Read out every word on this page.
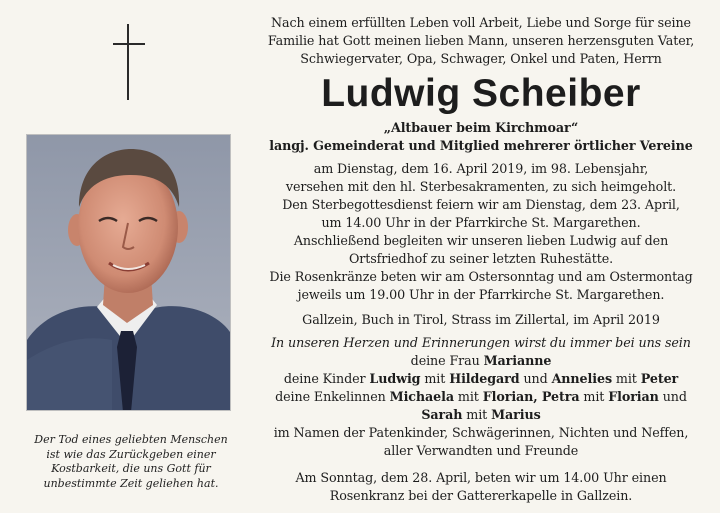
Der Tod eines geliebten Menschen
ist wie das Zurückgeben einer
Kostbarkeit, die uns Gott für
unbestimmte Zeit geliehen hat.
Nach einem erfüllten Leben voll Arbeit, Liebe und Sorge für seine
Familie hat Gott meinen lieben Mann, unseren herzensguten Vater,
Schwiegervater, Opa, Schwager, Onkel und Paten, Herrn
Ludwig Scheiber
„Altbauer beim Kirchmoar“
langj. Gemeinderat und Mitglied mehrerer örtlicher Vereine
am Dienstag, dem 16. April 2019, im 98. Lebensjahr,
versehen mit den hl. Sterbesakramenten, zu sich heimgeholt.
Den Sterbegottesdienst feiern wir am Dienstag, dem 23. April,
um 14.00 Uhr in der Pfarrkirche St. Margarethen.
Anschließend begleiten wir unseren lieben Ludwig auf den
Ortsfriedhof zu seiner letzten Ruhestätte.
Die Rosenkränze beten wir am Ostersonntag und am Ostermontag
jeweils um 19.00 Uhr in der Pfarrkirche St. Margarethen.
Gallzein, Buch in Tirol, Strass im Zillertal, im April 2019
In unseren Herzen und Erinnerungen wirst du immer bei uns sein
deine Frau Marianne
deine Kinder Ludwig mit Hildegard und Annelies mit Peter
deine Enkelinnen Michaela mit Florian, Petra mit Florian und
Sarah mit Marius
im Namen der Patenkinder, Schwägerinnen, Nichten und Neffen,
aller Verwandten und Freunde
Am Sonntag, dem 28. April, beten wir um 14.00 Uhr einen
Rosenkranz bei der Gattererkapelle in Gallzein.
